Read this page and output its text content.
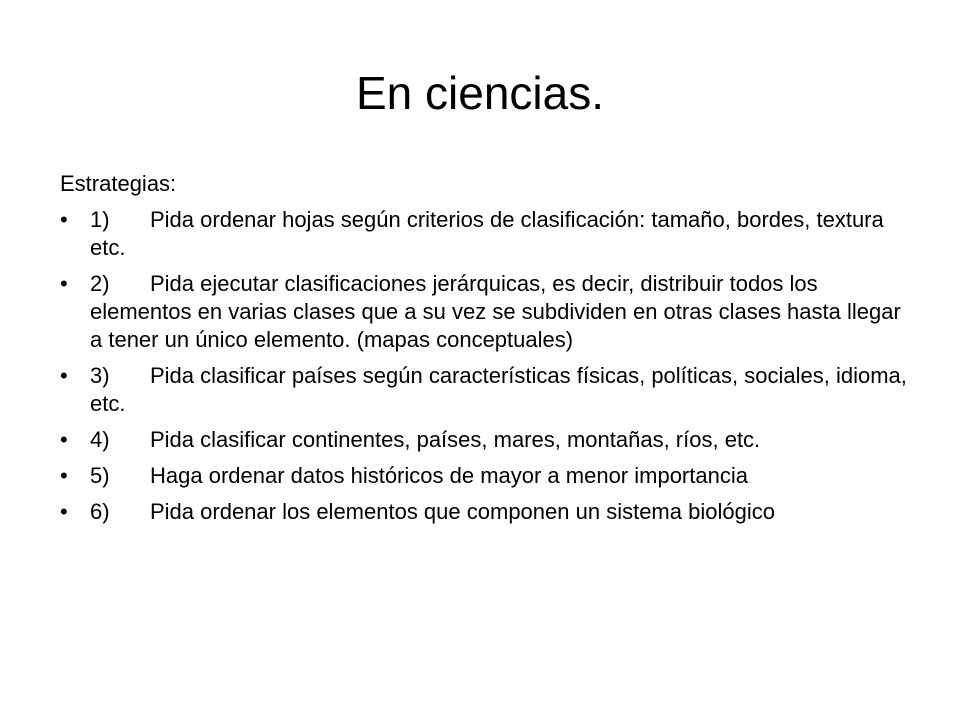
En ciencias.

Estrategias:

•	1) Pida ordenar hojas según criterios de clasificación: tamaño, bordes, textura etc.
•	2) Pida ejecutar clasificaciones jerárquicas, es decir, distribuir todos los elementos en varias clases que a su vez se subdividen en otras clases hasta llegar a tener un único elemento. (mapas conceptuales)
•	3) Pida clasificar países según características físicas, políticas, sociales, idioma, etc.
•	4) Pida clasificar continentes, países, mares, montañas, ríos, etc.
•	5) Haga ordenar datos históricos de mayor a menor importancia
•	6) Pida ordenar los elementos que componen un sistema biológico
